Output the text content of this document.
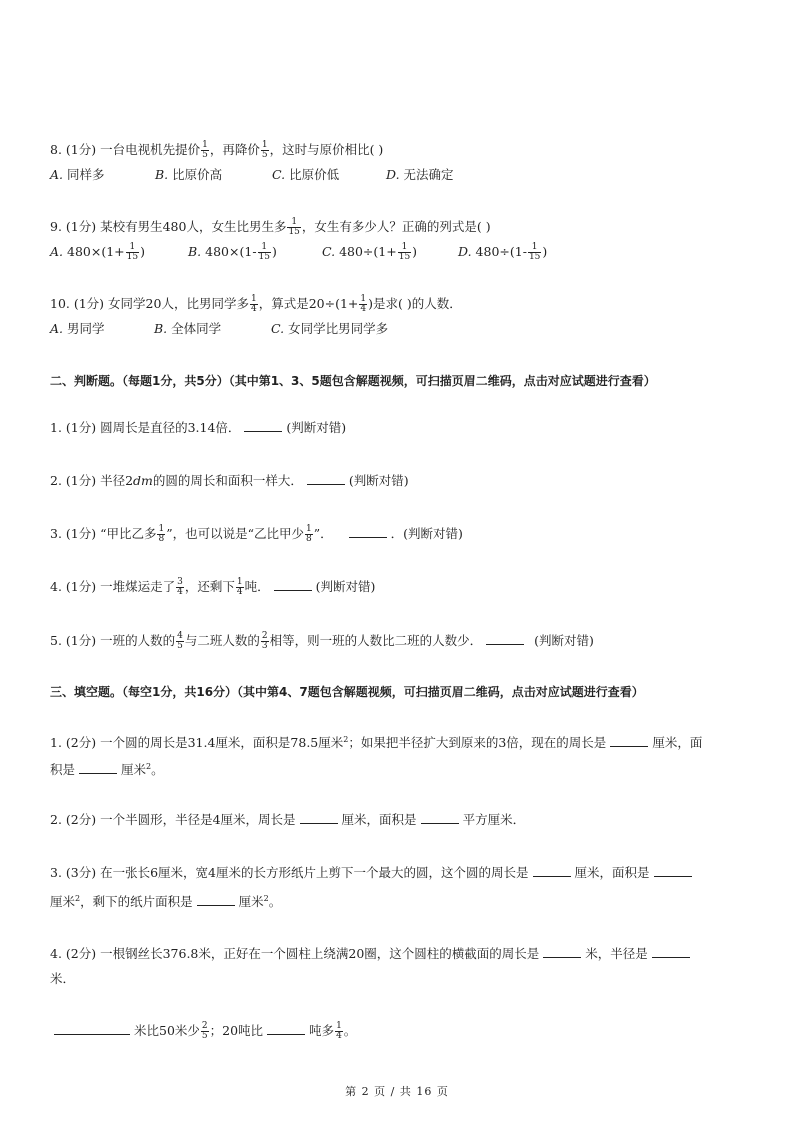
8. (1分) 一台电视机先提价 $\frac{1}{5}$ ，再降价 $\frac{1}{5}$ ，这时与原价相比( )
A. 同样多	B. 比原价高	C. 比原价低	D. 无法确定
9. (1分) 某校有男生480人，女生比男生多 $\frac{1}{15}$ ，女生有多少人？正确的列式是( )
A. $480\times(1+ \frac{1}{15}$ )	B. $480\times(1- \frac{1}{15}$ )	C. $480\div(1+ \frac{1}{15}$ )	D. $480\div(1- \frac{1}{15}$ )
10. (1分) 女同学20人，比男同学多 $\frac{1}{4}$ ，算式是$20\div(1+ \frac{1}{4}$ )是求( )的人数．
A. 男同学	B. 全体同学	C. 女同学比男同学多
二、判断题。（每题1分，共5分）（其中第1、3、5题包含解题视频，可扫描页眉二维码，点击对应试题进行查看）
1. (1分) 圆周长是直径的3.14倍．	(判断对错)
2. (1分) 半径2dm的圆的周长和面积一样大．	(判断对错)
3. (1分) “甲比乙多 $\frac{1}{8}$ ”，也可以说是“乙比甲少 $\frac{1}{8}$ ”．	．(判断对错)
4. (1分) 一堆煤运走了 $\frac{3}{4}$ ，还剩下 $\frac{1}{4}$ 吨．	(判断对错)
5. (1分) 一班的人数的 $\frac{4}{5}$ 与二班人数的 $\frac{2}{3}$ 相等，则一班的人数比二班的人数少．	(判断对错)
三、填空题。（每空1分，共16分）（其中第4、7题包含解题视频，可扫描页眉二维码，点击对应试题进行查看）
1. (2分) 一个圆的周长是31.4厘米，面积是78.5厘米$^2$；如果把半径扩大到原来的3倍，现在的周长是	厘米，面
积是	厘米$^2$。
2. (2分) 一个半圆形，半径是4厘米，周长是	厘米，面积是	平方厘米．
3. (3分) 在一张长6厘米，宽4厘米的长方形纸片上剪下一个最大的圆，这个圆的周长是	厘米，面积是
厘米$^2$，剩下的纸片面积是	厘米$^2$。
4. (2分) 一根钢丝长376.8米，正好在一个圆柱上绕满20圈，这个圆柱的横截面的周长是	米，半径是
米．
米比50米少 $\frac{2}{5}$ ；20吨比	吨多 $\frac{1}{4}$ 。
第 2 页 / 共 16 页
